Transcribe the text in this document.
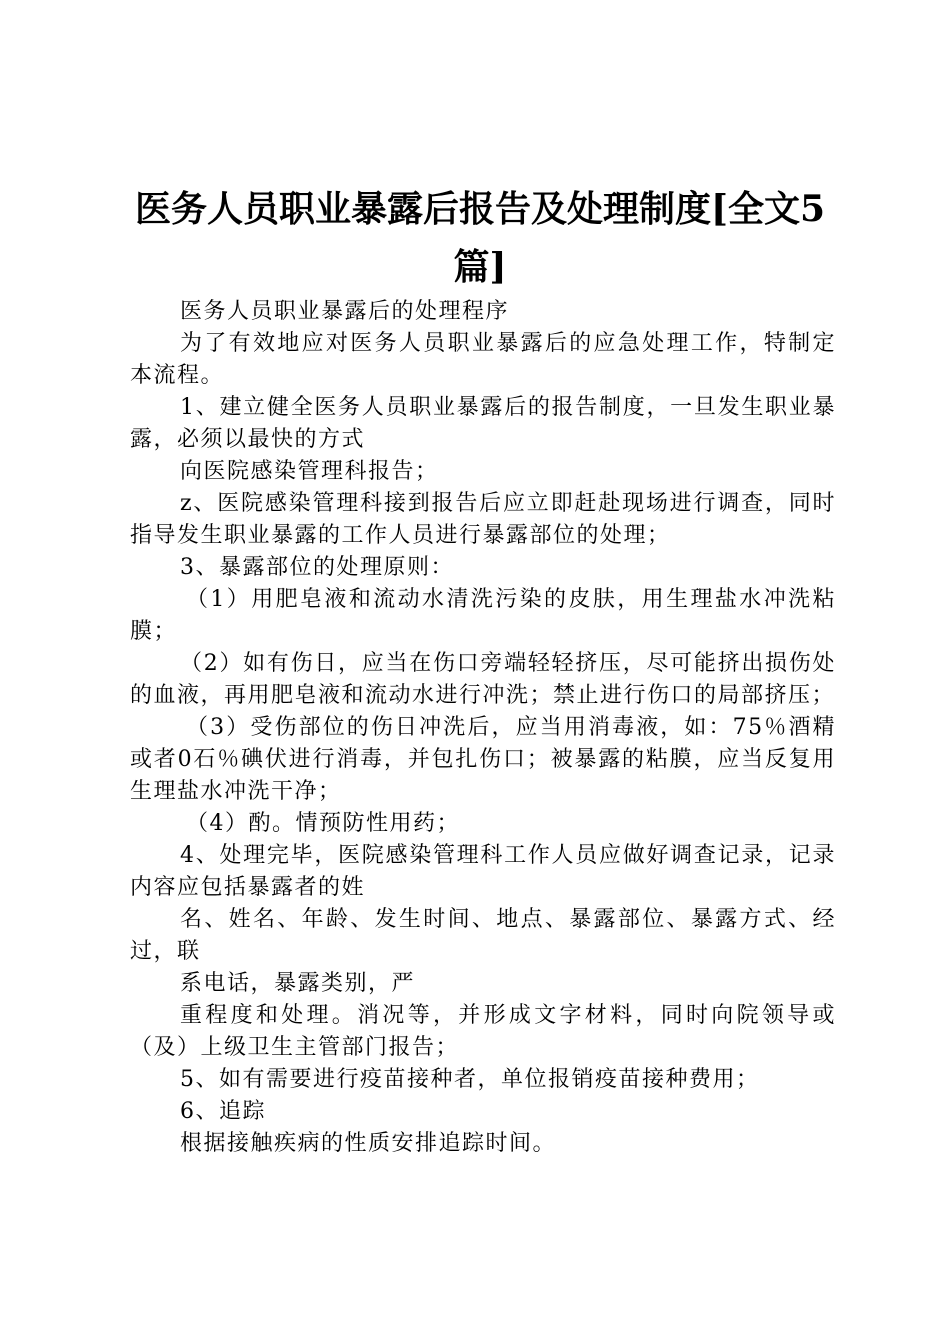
医务人员职业暴露后报告及处理制度[全文5篇]

医务人员职业暴露后的处理程序

为了有效地应对医务人员职业暴露后的应急处理工作，特制定本流程。

1、建立健全医务人员职业暴露后的报告制度，一旦发生职业暴露，必须以最快的方式

向医院感染管理科报告；

z、医院感染管理科接到报告后应立即赶赴现场进行调查，同时指导发生职业暴露的工作人员进行暴露部位的处理；

3、暴露部位的处理原则：

（1）用肥皂液和流动水清洗污染的皮肤，用生理盐水冲洗粘膜；

（2）如有伤日，应当在伤口旁端轻轻挤压，尽可能挤出损伤处的血液，再用肥皂液和流动水进行冲洗；禁止进行伤口的局部挤压；

（3）受伤部位的伤日冲洗后，应当用消毒液，如：75％酒精或者0石％碘伏进行消毒，并包扎伤口；被暴露的粘膜，应当反复用生理盐水冲洗干净；

（4）酌。情预防性用药；

4、处理完毕，医院感染管理科工作人员应做好调查记录，记录内容应包括暴露者的姓

名、姓名、年龄、发生时间、地点、暴露部位、暴露方式、经过，联

系电话，暴露类别，严

重程度和处理。消况等，并形成文字材料，同时向院领导或（及）上级卫生主管部门报告；

5、如有需要进行疫苗接种者，单位报销疫苗接种费用；

6、追踪

根据接触疾病的性质安排追踪时间。
